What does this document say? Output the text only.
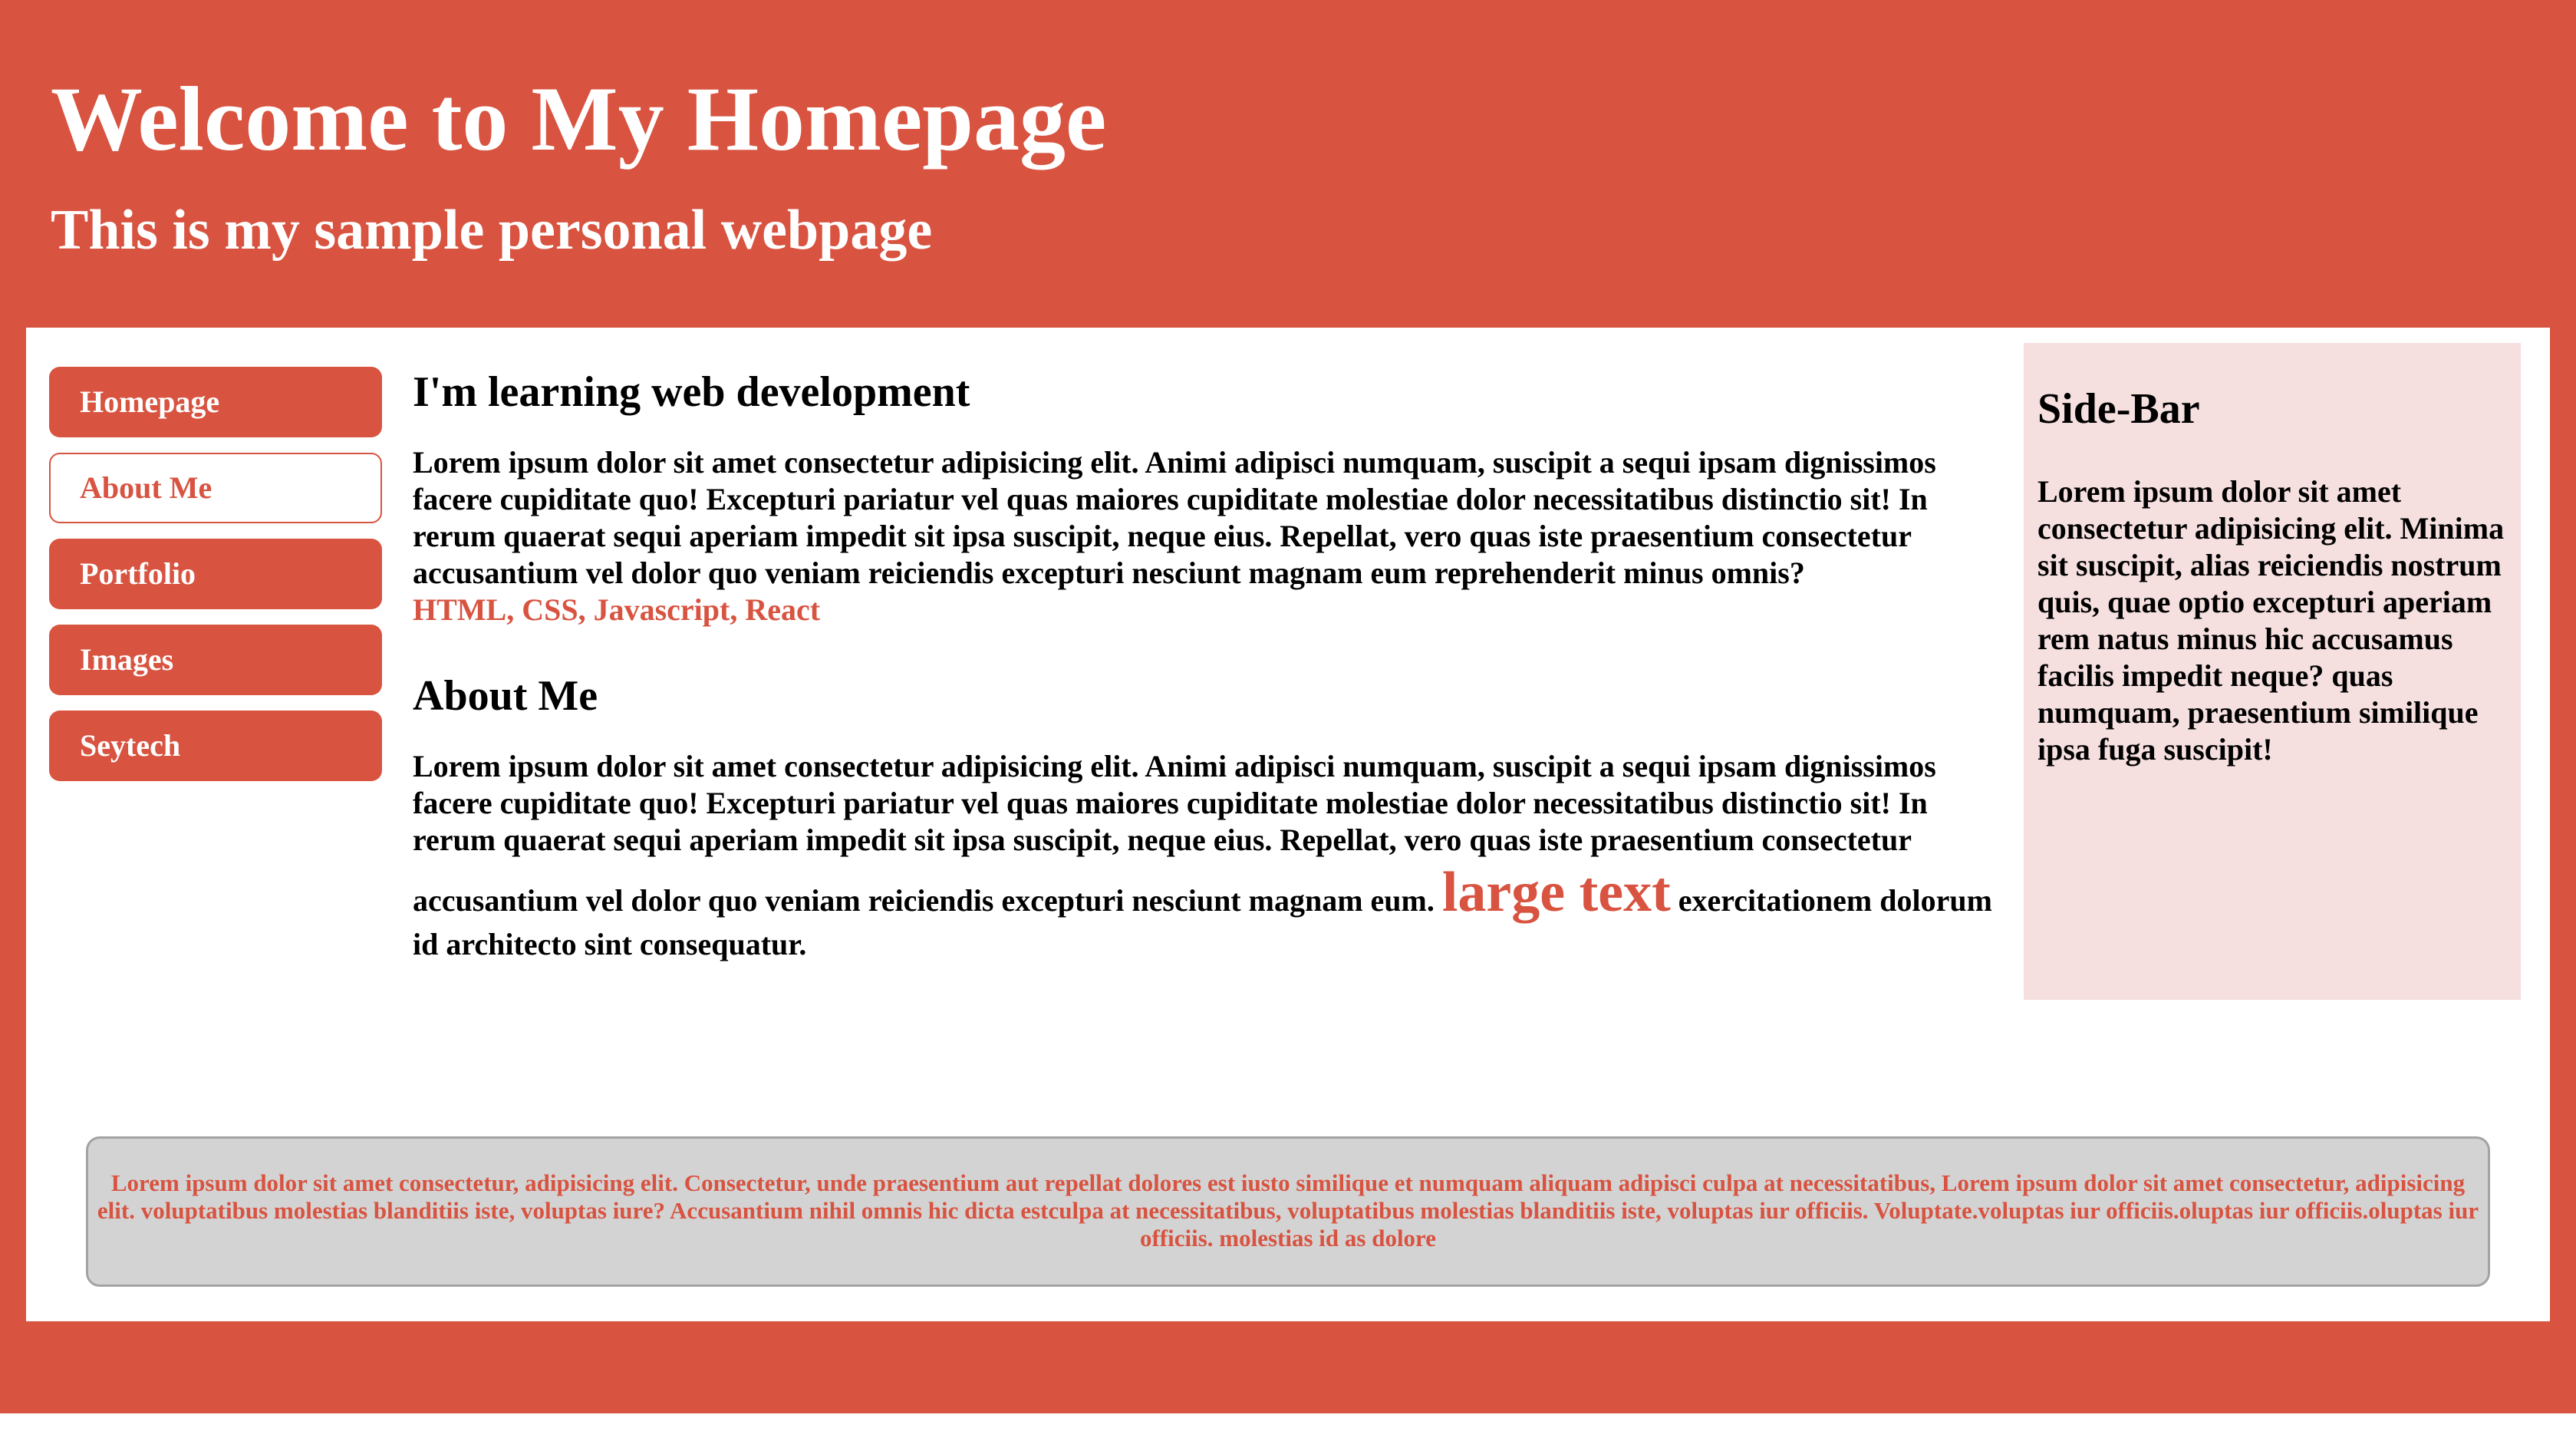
Welcome to My Homepage
This is my sample personal webpage
Homepage
About Me
Portfolio
Images
Seytech
I'm learning web development

Lorem ipsum dolor sit amet consectetur adipisicing elit. Animi adipisci numquam, suscipit a sequi ipsam dignissimos facere cupiditate quo! Excepturi pariatur vel quas maiores cupiditate molestiae dolor necessitatibus distinctio sit! In rerum quaerat sequi aperiam impedit sit ipsa suscipit, neque eius. Repellat, vero quas iste praesentium consectetur accusantium vel dolor quo veniam reiciendis excepturi nesciunt magnam eum reprehenderit minus omnis?

HTML, CSS, Javascript, React
About Me

Lorem ipsum dolor sit amet consectetur adipisicing elit. Animi adipisci numquam, suscipit a sequi ipsam dignissimos facere cupiditate quo! Excepturi pariatur vel quas maiores cupiditate molestiae dolor necessitatibus distinctio sit! In rerum quaerat sequi aperiam impedit sit ipsa suscipit, neque eius. Repellat, vero quas iste praesentium consectetur accusantium vel dolor quo veniam reiciendis excepturi nesciunt magnam eum. large text exercitationem dolorum id architecto sint consequatur.

Side-Bar

Lorem ipsum dolor sit amet consectetur adipisicing elit. Minima sit suscipit, alias reiciendis nostrum quis, quae optio excepturi aperiam rem natus minus hic accusamus facilis impedit neque? quas numquam, praesentium similique ipsa fuga suscipit!

Lorem ipsum dolor sit amet consectetur, adipisicing elit. Consectetur, unde praesentium aut repellat dolores est iusto similique et numquam aliquam adipisci culpa at necessitatibus, Lorem ipsum dolor sit amet consectetur, adipisicing elit. voluptatibus molestias blanditiis iste, voluptas iure? Accusantium nihil omnis hic dicta estculpa at necessitatibus, voluptatibus molestias blanditiis iste, voluptas iur officiis. Voluptate.voluptas iur officiis.oluptas iur officiis.oluptas iur officiis. molestias id as dolore
